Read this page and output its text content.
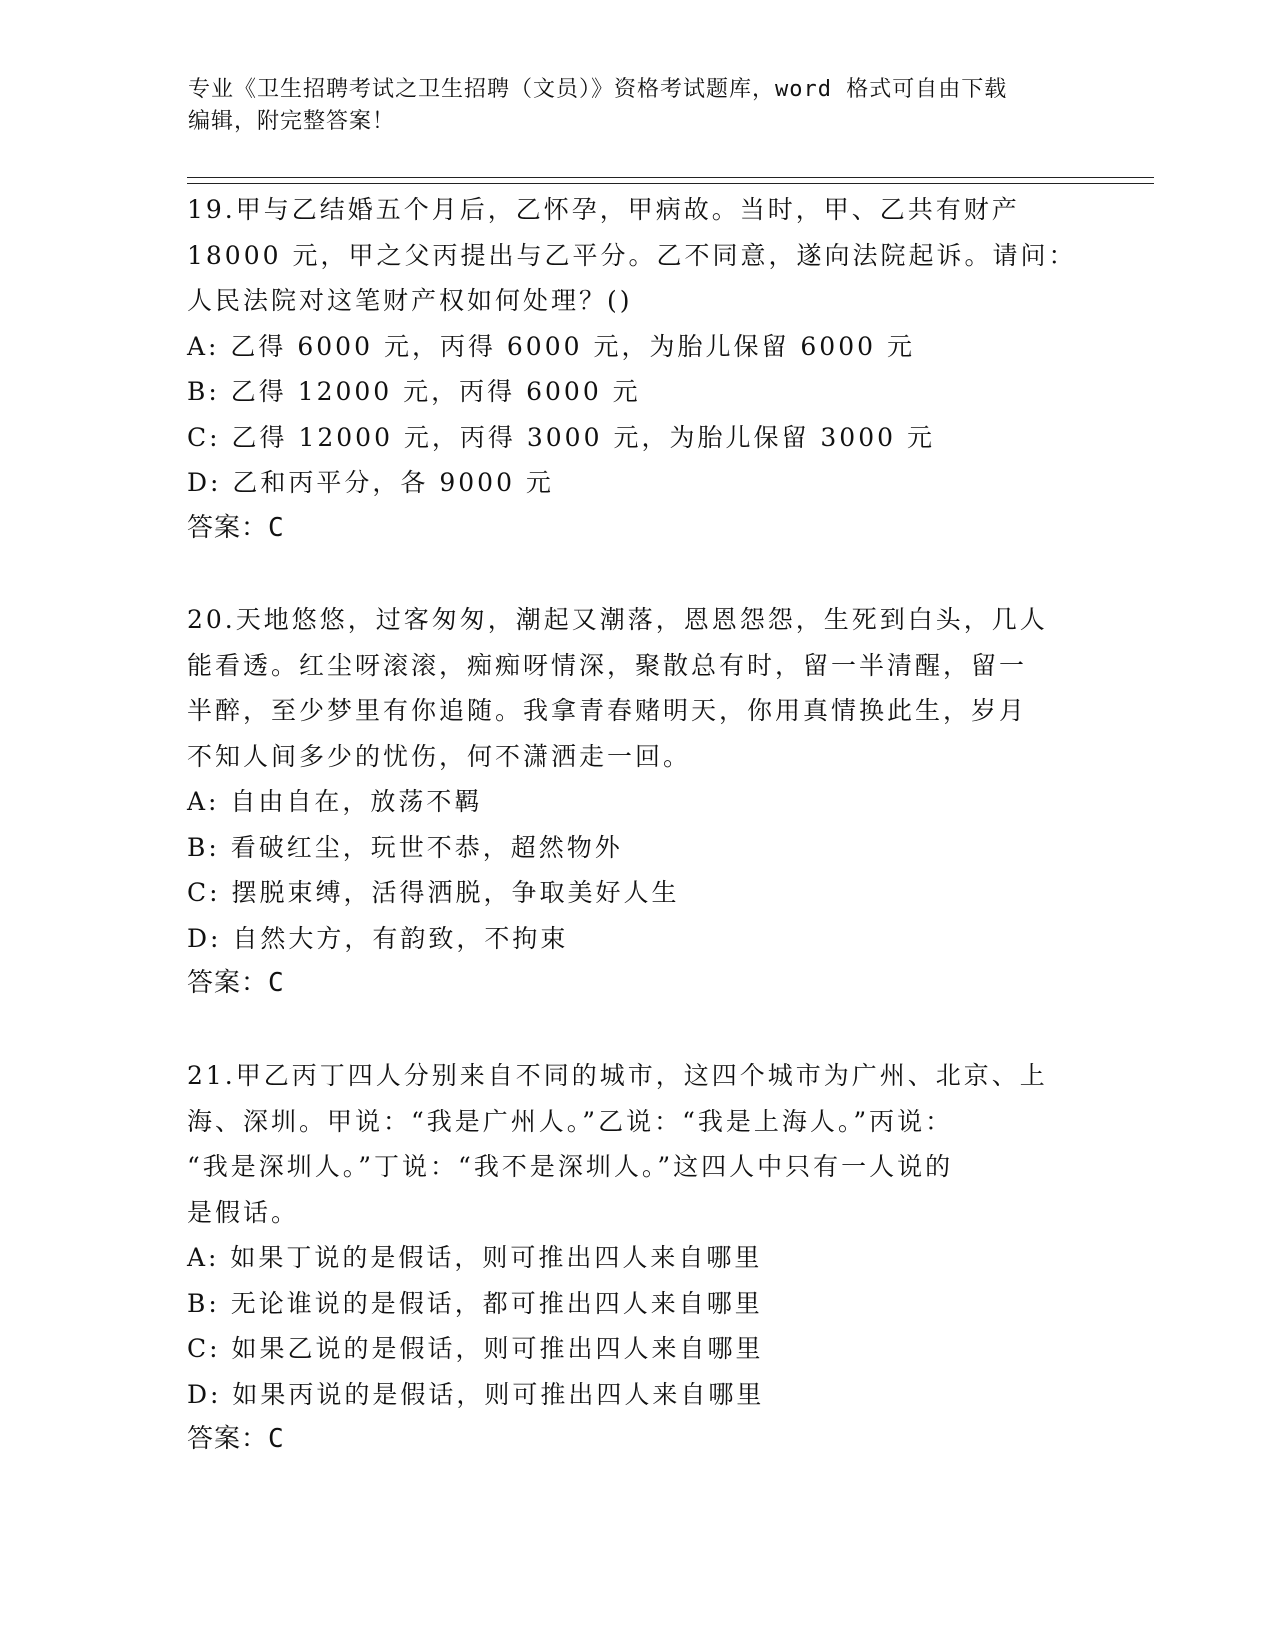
专业《卫生招聘考试之卫生招聘（文员）》资格考试题库，word 格式可自由下载
编辑，附完整答案！
19.甲与乙结婚五个月后，乙怀孕，甲病故。当时，甲、乙共有财产
18000 元，甲之父丙提出与乙平分。乙不同意，遂向法院起诉。请问：
人民法院对这笔财产权如何处理？()
A: 乙得 6000 元，丙得 6000 元，为胎儿保留 6000 元
B: 乙得 12000 元，丙得 6000 元
C: 乙得 12000 元，丙得 3000 元，为胎儿保留 3000 元
D: 乙和丙平分，各 9000 元
答案：C
20.天地悠悠，过客匆匆，潮起又潮落，恩恩怨怨，生死到白头，几人
能看透。红尘呀滚滚，痴痴呀情深，聚散总有时，留一半清醒，留一
半醉，至少梦里有你追随。我拿青春赌明天，你用真情换此生，岁月
不知人间多少的忧伤，何不潇洒走一回。
A: 自由自在，放荡不羁
B: 看破红尘，玩世不恭，超然物外
C: 摆脱束缚，活得洒脱，争取美好人生
D: 自然大方，有韵致，不拘束
答案：C
21.甲乙丙丁四人分别来自不同的城市，这四个城市为广州、北京、上
海、深圳。甲说：“我是广州人。”乙说：“我是上海人。”丙说：
“我是深圳人。”丁说：“我不是深圳人。”这四人中只有一人说的
是假话。
A: 如果丁说的是假话，则可推出四人来自哪里
B: 无论谁说的是假话，都可推出四人来自哪里
C: 如果乙说的是假话，则可推出四人来自哪里
D: 如果丙说的是假话，则可推出四人来自哪里
答案：C
